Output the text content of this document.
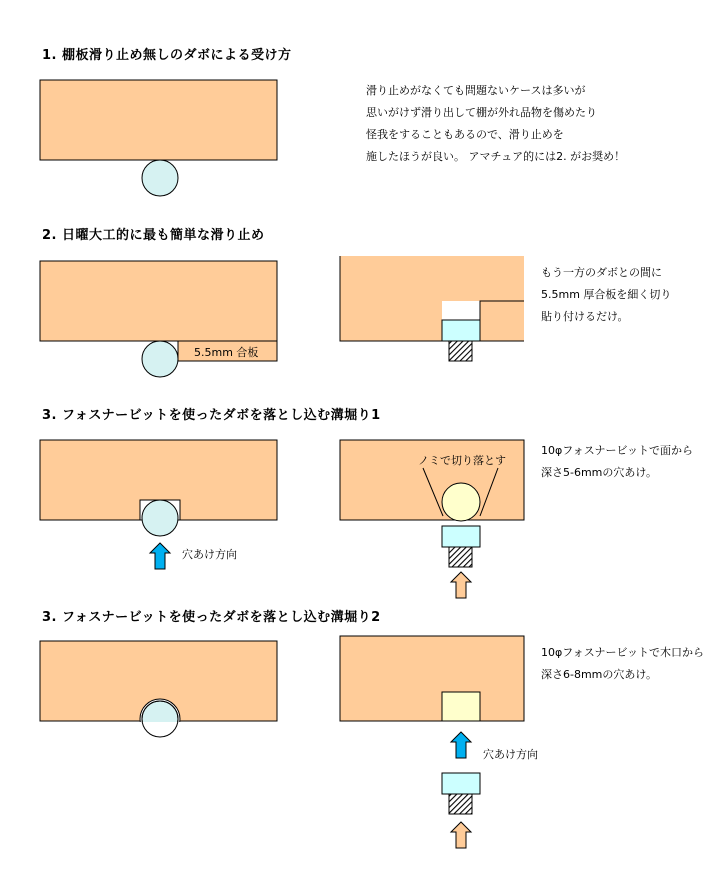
1. 棚板滑り止め無しのダボによる受け方
2. 日曜大工的に最も簡単な滑り止め
3. フォスナービットを使ったダボを落とし込む溝堀り1
3. フォスナービットを使ったダボを落とし込む溝堀り2
滑り止めがなくても問題ないケースは多いが
思いがけず滑り出して棚が外れ品物を傷めたり
怪我をすることもあるので、滑り止めを
施したほうが良い。 アマチュア的には2. がお奨め！
もう一方のダボとの間に
5.5mm 厚合板を細く切り
貼り付けるだけ。
10φフォスナービットで面から
深さ5-6mmの穴あけ。
10φフォスナービットで木口から
深さ6-8mmの穴あけ。
5.5mm 合板
穴あけ方向
ノミで切り落とす
穴あけ方向
